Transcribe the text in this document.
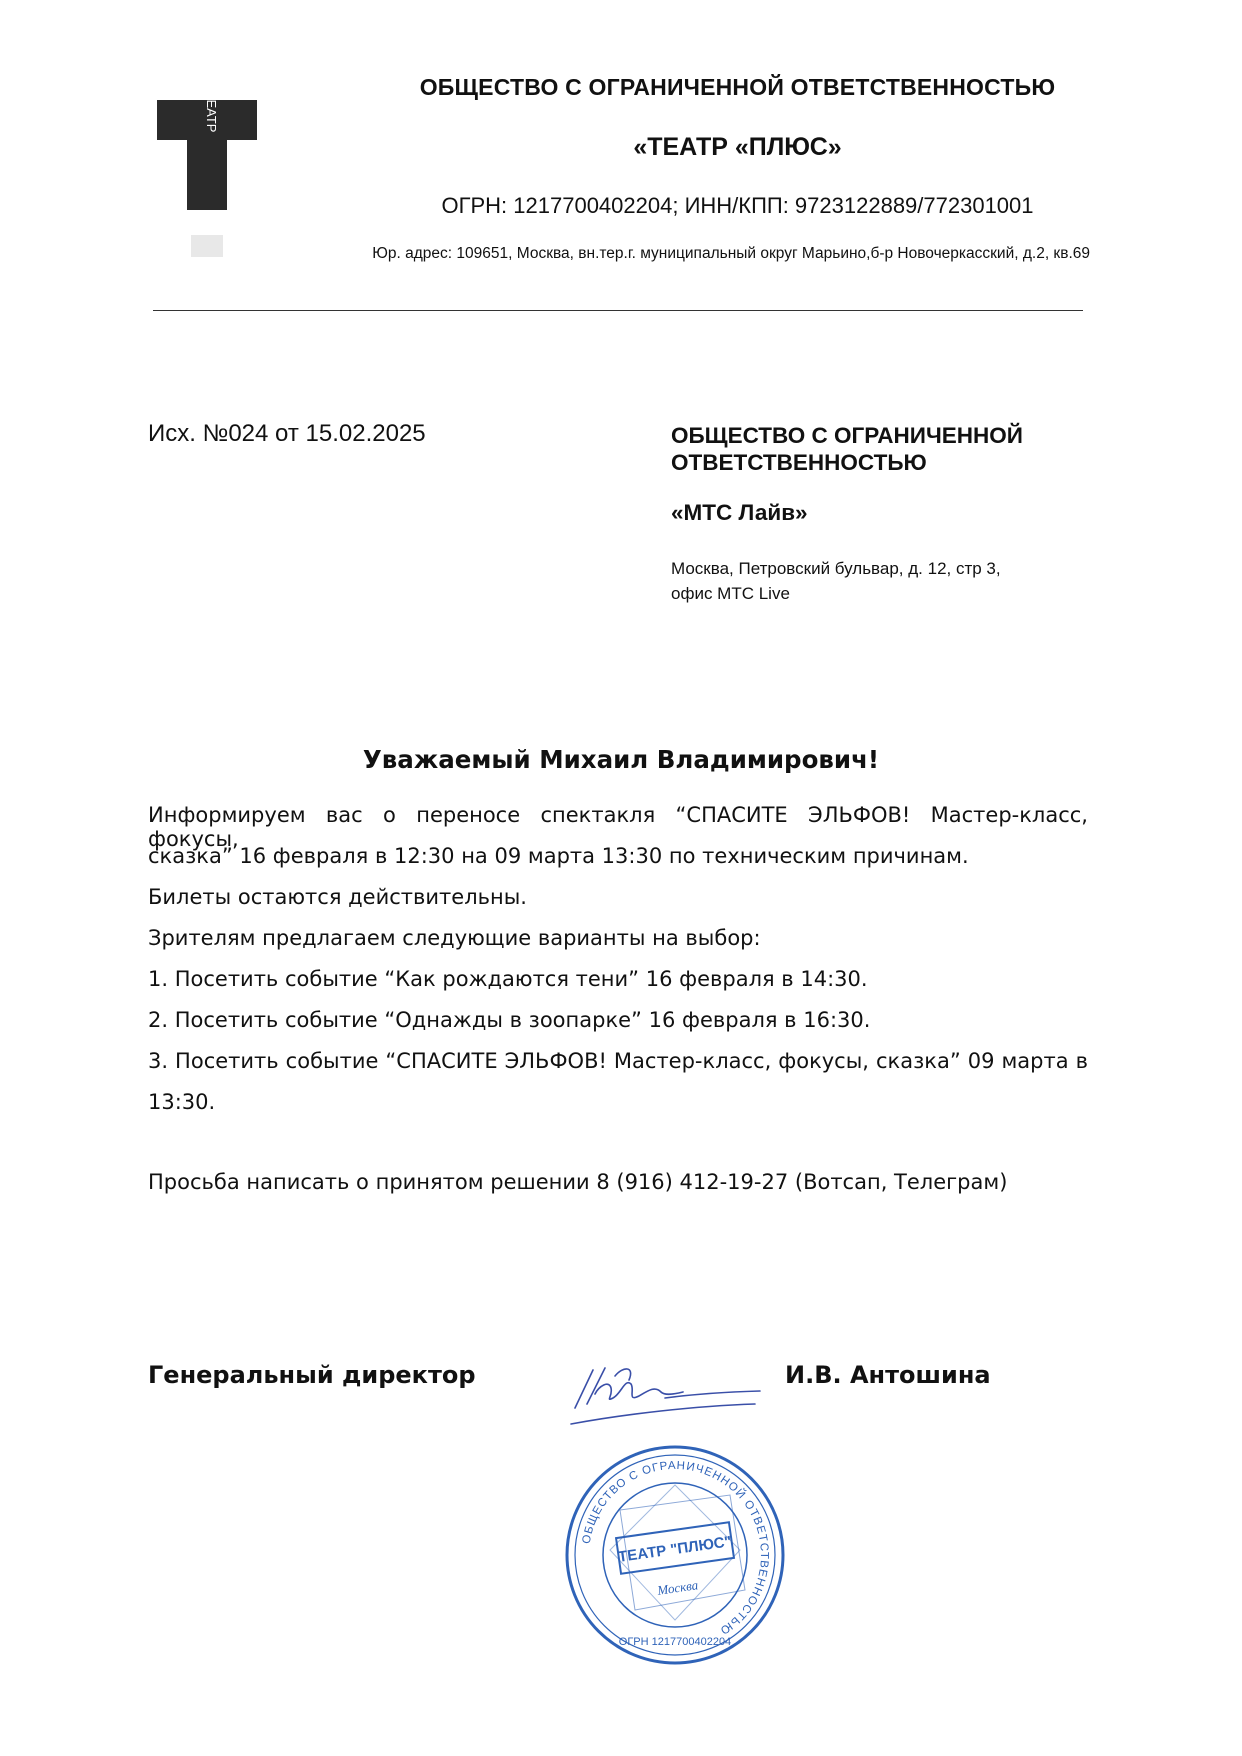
ТЕАТР
ОБЩЕСТВО С ОГРАНИЧЕННОЙ ОТВЕТСТВЕННОСТЬЮ
«ТЕАТР «ПЛЮС»
ОГРН: 1217700402204; ИНН/КПП: 9723122889/772301001
Юр. адрес: 109651, Москва, вн.тер.г. муниципальный округ Марьино,б-р Новочеркасский, д.2, кв.69
Исх. №024 от 15.02.2025	ОБЩЕСТВО С ОГРАНИЧЕННОЙ ОТВЕТСТВЕННОСТЬЮ
«МТС Лайв»
Москва, Петровский бульвар, д. 12, стр 3,
офис МТС Live
Уважаемый Михаил Владимирович!
Информируем вас о переносе спектакля “СПАСИТЕ ЭЛЬФОВ! Мастер-класс, фокусы,
сказка” 16 февраля в 12:30 на 09 марта 13:30 по техническим причинам.
Билеты остаются действительны.
Зрителям предлагаем следующие варианты на выбор:
1. Посетить событие “Как рождаются тени” 16 февраля в 14:30.
2. Посетить событие “Однажды в зоопарке” 16 февраля в 16:30.
3. Посетить событие “СПАСИТЕ ЭЛЬФОВ! Мастер-класс, фокусы, сказка” 09 марта в
13:30.
Просьба написать о принятом решении 8 (916) 412-19-27 (Вотсап, Телеграм)
Генеральный директор	И.В. Антошина
ОБЩЕСТВО С ОГРАНИЧЕННОЙ ОТВЕТСТВЕННОСТЬЮ
ТЕАТР "ПЛЮС"
Москва
ОГРН 1217700402204
